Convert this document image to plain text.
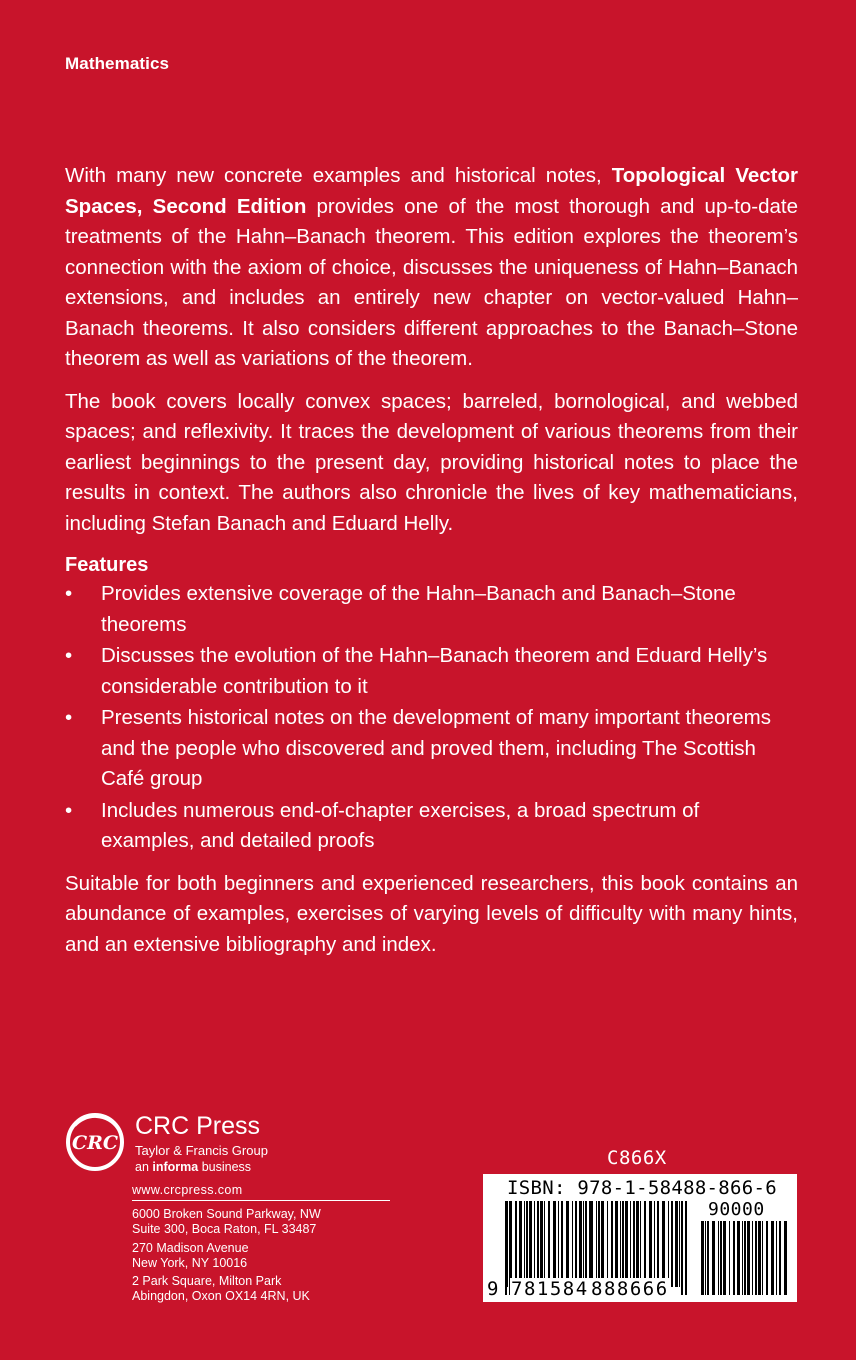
Mathematics

With many new concrete examples and historical notes, Topological Vector Spaces, Second Edition provides one of the most thorough and up-to-date treatments of the Hahn–Banach theorem. This edition explores the theorem’s connection with the axiom of choice, discusses the uniqueness of Hahn–Banach extensions, and includes an entirely new chapter on vector-valued Hahn–Banach theorems. It also considers different approaches to the Banach–Stone theorem as well as variations of the theorem.

The book covers locally convex spaces; barreled, bornological, and webbed spaces; and reflexivity. It traces the development of various theorems from their earliest beginnings to the present day, providing historical notes to place the results in context. The authors also chronicle the lives of key mathematicians, including Stefan Banach and Eduard Helly.

Features
• Provides extensive coverage of the Hahn–Banach and Banach–Stone theorems
• Discusses the evolution of the Hahn–Banach theorem and Eduard Helly’s considerable contribution to it
• Presents historical notes on the development of many important theorems and the people who discovered and proved them, including The Scottish Café group
• Includes numerous end-of-chapter exercises, a broad spectrum of examples, and detailed proofs

Suitable for both beginners and experienced researchers, this book contains an abundance of examples, exercises of varying levels of difficulty with many hints, and an extensive bibliography and index.

CRC
CRC Press
Taylor & Francis Group
an informa business
www.crcpress.com
6000 Broken Sound Parkway, NW
Suite 300, Boca Raton, FL 33487
270 Madison Avenue
New York, NY 10016
2 Park Square, Milton Park
Abingdon, Oxon OX14 4RN, UK
C866X
ISBN: 978-1-58488-866-6
90000
9 781584 888666
